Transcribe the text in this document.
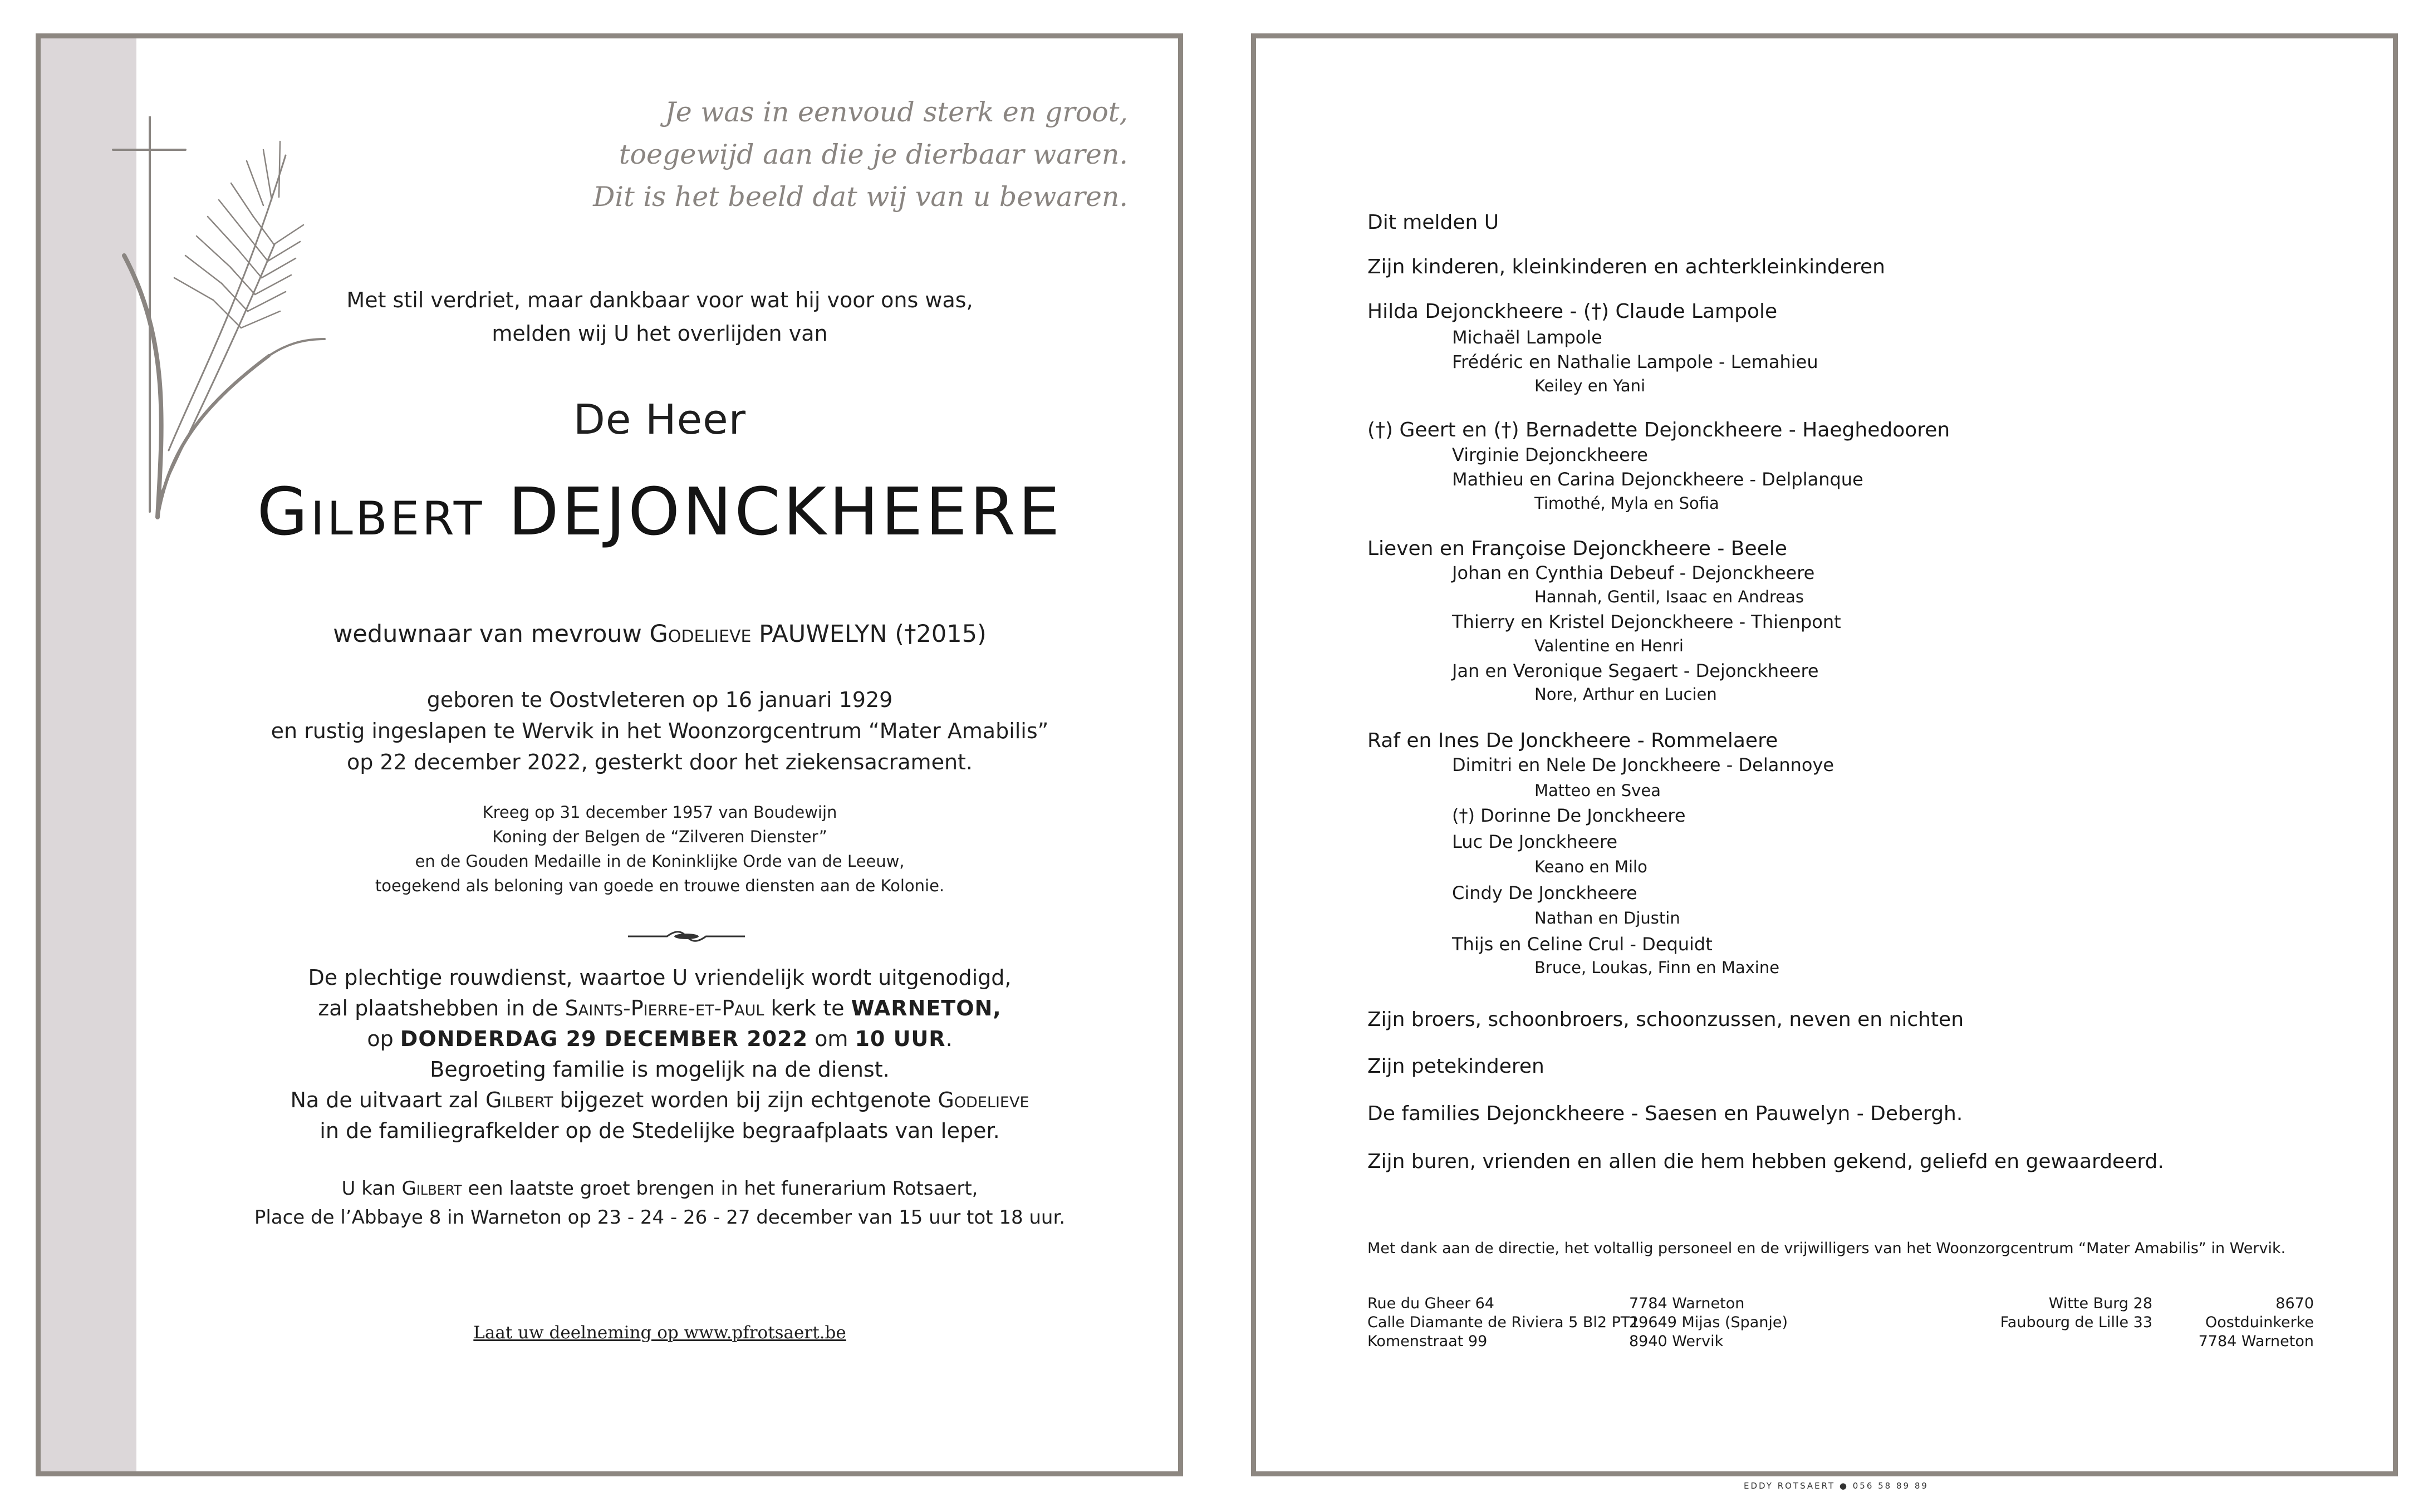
Je was in eenvoud sterk en groot,
toegewijd aan die je dierbaar waren.
Dit is het beeld dat wij van u bewaren.
Met stil verdriet, maar dankbaar voor wat hij voor ons was,
melden wij U het overlijden van
De Heer
Gilbert DEJONCKHEERE
weduwnaar van mevrouw Godelieve PAUWELYN (†2015)
geboren te Oostvleteren op 16 januari 1929
en rustig ingeslapen te Wervik in het Woonzorgcentrum “Mater Amabilis”
op 22 december 2022, gesterkt door het ziekensacrament.
Kreeg op 31 december 1957 van Boudewijn
Koning der Belgen de “Zilveren Dienster”
en de Gouden Medaille in de Koninklijke Orde van de Leeuw,
toegekend als beloning van goede en trouwe diensten aan de Kolonie.
De plechtige rouwdienst, waartoe U vriendelijk wordt uitgenodigd,
zal plaatshebben in de Saints-Pierre-et-Paul kerk te WARNETON,
op DONDERDAG 29 DECEMBER 2022 om 10 UUR.
Begroeting familie is mogelijk na de dienst.
Na de uitvaart zal Gilbert bijgezet worden bij zijn echtgenote Godelieve
in de familiegrafkelder op de Stedelijke begraafplaats van Ieper.
U kan Gilbert een laatste groet brengen in het funerarium Rotsaert,
Place de l’Abbaye 8 in Warneton op 23 - 24 - 26 - 27 december van 15 uur tot 18 uur.
Laat uw deelneming op www.pfrotsaert.be
Dit melden U
Zijn kinderen, kleinkinderen en achterkleinkinderen
Hilda Dejonckheere - (†) Claude Lampole
Michaël Lampole
Frédéric en Nathalie Lampole - Lemahieu
Keiley en Yani
(†) Geert en (†) Bernadette Dejonckheere - Haeghedooren
Virginie Dejonckheere
Mathieu en Carina Dejonckheere - Delplanque
Timothé, Myla en Sofia
Lieven en Françoise Dejonckheere - Beele
Johan en Cynthia Debeuf - Dejonckheere
Hannah, Gentil, Isaac en Andreas
Thierry en Kristel Dejonckheere - Thienpont
Valentine en Henri
Jan en Veronique Segaert - Dejonckheere
Nore, Arthur en Lucien
Raf en Ines De Jonckheere - Rommelaere
Dimitri en Nele De Jonckheere - Delannoye
Matteo en Svea
(†) Dorinne De Jonckheere
Luc De Jonckheere
Keano en Milo
Cindy De Jonckheere
Nathan en Djustin
Thijs en Celine Crul - Dequidt
Bruce, Loukas, Finn en Maxine
Zijn broers, schoonbroers, schoonzussen, neven en nichten
Zijn petekinderen
De families Dejonckheere - Saesen en Pauwelyn - Debergh.
Zijn buren, vrienden en allen die hem hebben gekend, geliefd en gewaardeerd.
Met dank aan de directie, het voltallig personeel en de vrijwilligers van het Woonzorgcentrum “Mater Amabilis” in Wervik.
Rue du Gheer 64
Calle Diamante de Riviera 5 Bl2 PT1
Komenstraat 99
7784 Warneton
29649 Mijas (Spanje)
8940 Wervik
Witte Burg 28
Faubourg de Lille 33
8670 Oostduinkerke
7784 Warneton
EDDY ROTSAERT ● 056 58 89 89
